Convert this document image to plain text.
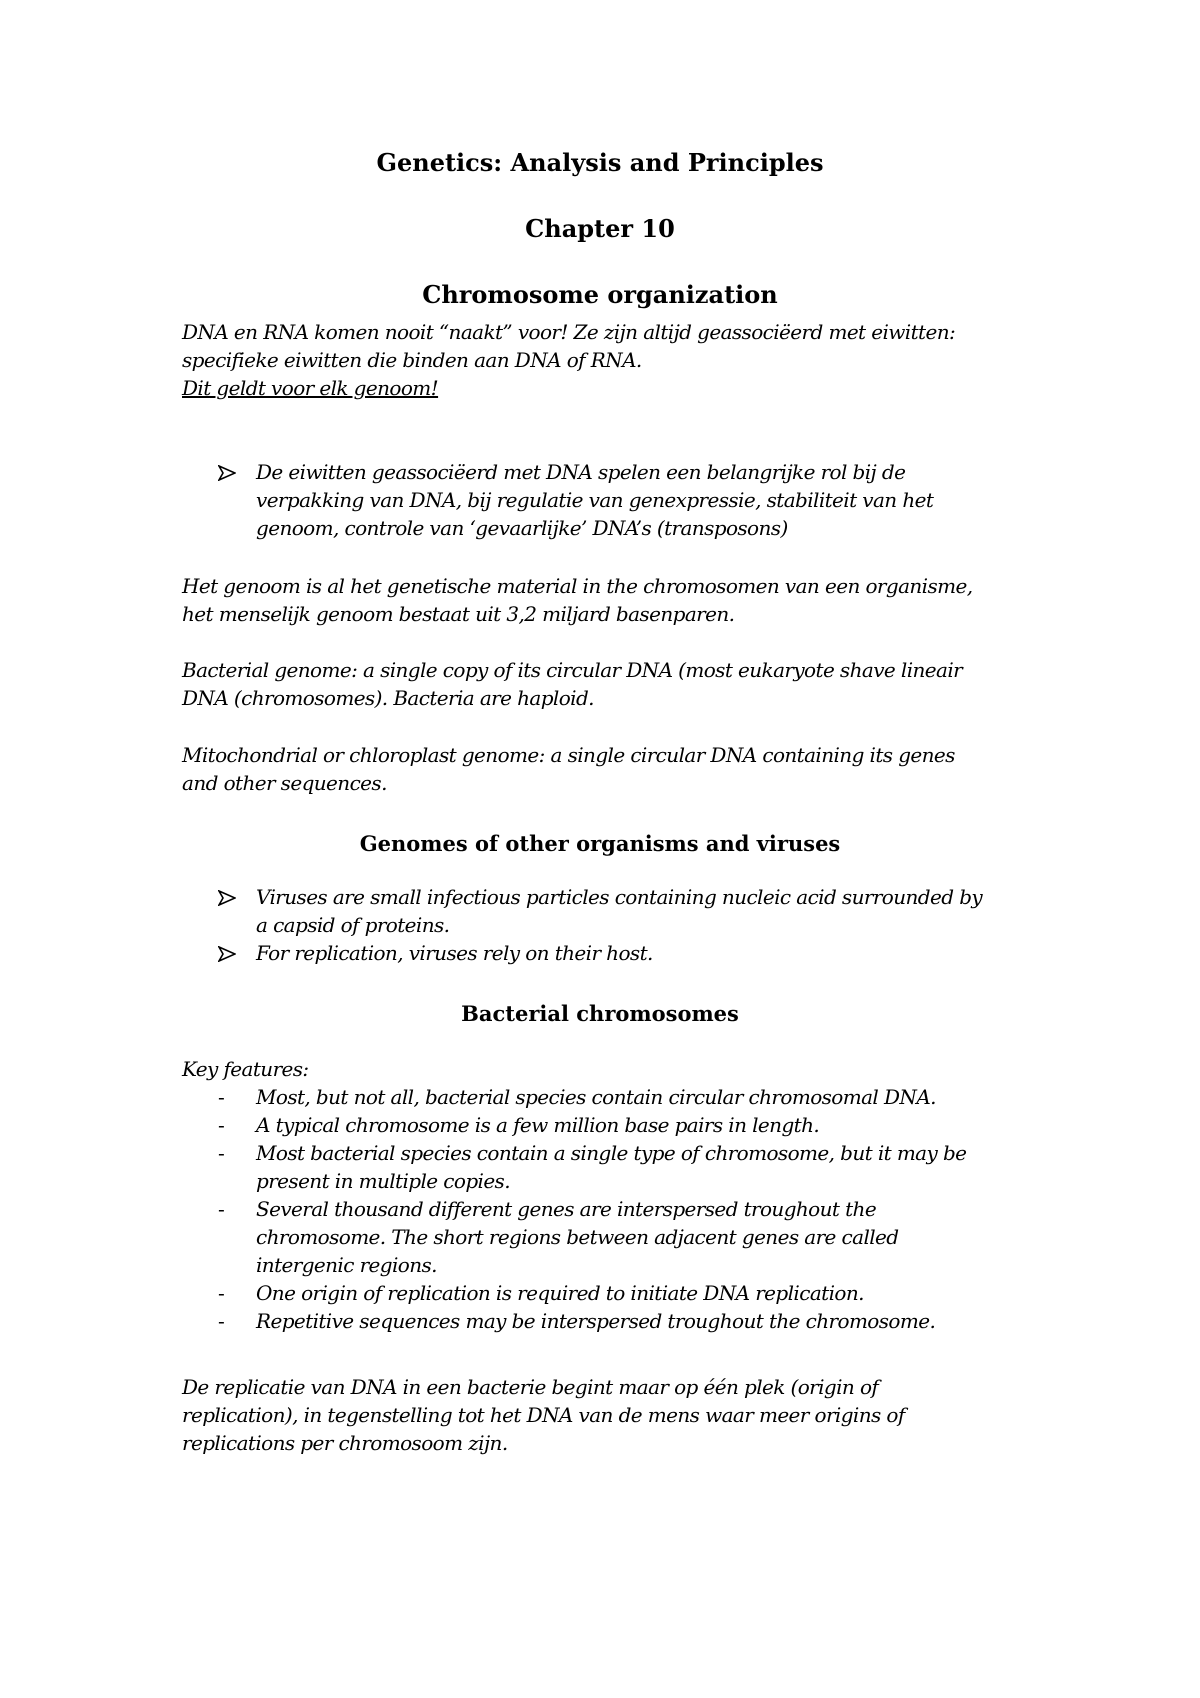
Genetics: Analysis and Principles
Chapter 10
Chromosome organization
DNA en RNA komen nooit “naakt” voor! Ze zijn altijd geassociëerd met eiwitten:
specifieke eiwitten die binden aan DNA of RNA.
Dit geldt voor elk genoom!
De eiwitten geassociëerd met DNA spelen een belangrijke rol bij de
verpakking van DNA, bij regulatie van genexpressie, stabiliteit van het
genoom, controle van ‘gevaarlijke’ DNA’s (transposons)
Het genoom is al het genetische material in the chromosomen van een organisme,
het menselijk genoom bestaat uit 3,2 miljard basenparen.
Bacterial genome: a single copy of its circular DNA (most eukaryote shave lineair
DNA (chromosomes). Bacteria are haploid.
Mitochondrial or chloroplast genome: a single circular DNA containing its genes
and other sequences.
Genomes of other organisms and viruses
Viruses are small infectious particles containing nucleic acid surrounded by
a capsid of proteins.
For replication, viruses rely on their host.
Bacterial chromosomes
Key features:
- Most, but not all, bacterial species contain circular chromosomal DNA.
- A typical chromosome is a few million base pairs in length.
- Most bacterial species contain a single type of chromosome, but it may be
present in multiple copies.
- Several thousand different genes are interspersed troughout the
chromosome. The short regions between adjacent genes are called
intergenic regions.
- One origin of replication is required to initiate DNA replication.
- Repetitive sequences may be interspersed troughout the chromosome.
De replicatie van DNA in een bacterie begint maar op één plek (origin of
replication), in tegenstelling tot het DNA van de mens waar meer origins of
replications per chromosoom zijn.
